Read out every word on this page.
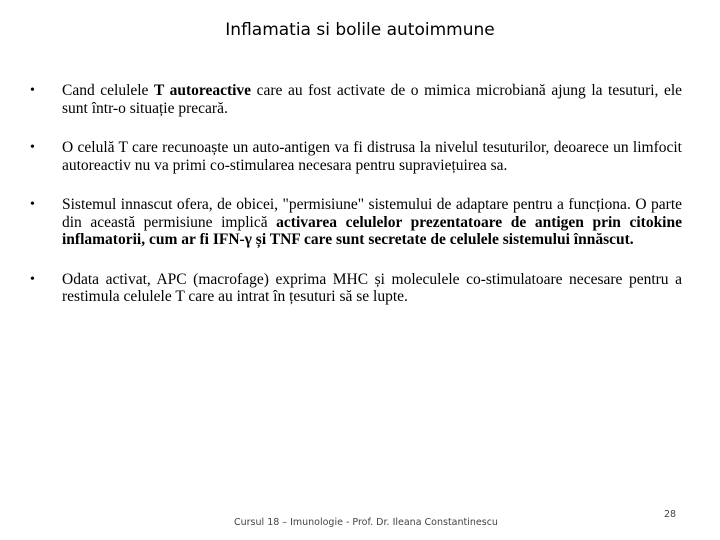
Inflamatia si bolile autoimmune
•	Cand celulele T autoreactive care au fost activate de o mimica microbiană ajung la tesuturi, ele sunt într-o situație precară.
•	O celulă T care recunoaște un auto-antigen va fi distrusa la nivelul tesuturilor, deoarece un limfocit autoreactiv nu va primi co-stimularea necesara pentru supraviețuirea sa.
•	Sistemul innascut ofera, de obicei, "permisiune" sistemului de adaptare pentru a funcționa. O parte din această permisiune implică activarea celulelor prezentatoare de antigen prin citokine inflamatorii, cum ar fi IFN-γ și TNF care sunt secretate de celulele sistemului înnăscut.
•	Odata activat, APC (macrofage) exprima MHC și moleculele co-stimulatoare necesare pentru a restimula celulele T care au intrat în țesuturi să se lupte.
Cursul 18 – Imunologie - Prof. Dr. Ileana Constantinescu
28
